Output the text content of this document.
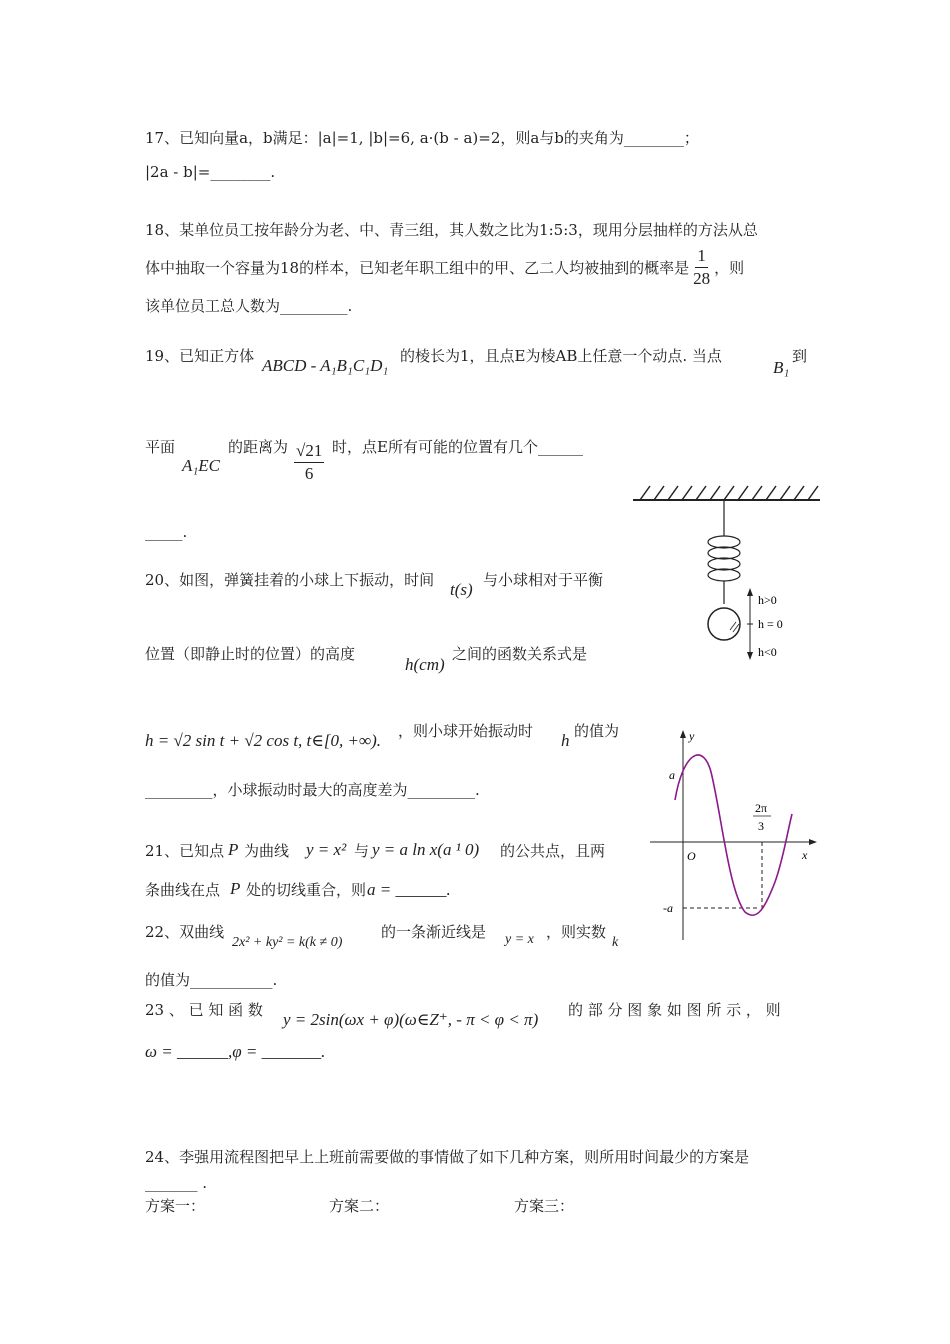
17、已知向量a，b满足：|a|=1, |b|=6, a·(b - a)=2，则a与b的夹角为________；
|2a - b|=________.
18、某单位员工按年龄分为老、中、青三组，其人数之比为1:5:3，现用分层抽样的方法从总
体中抽取一个容量为18的样本，已知老年职工组中的甲、乙二人均被抽到的概率是 $\frac{1}{28}$ ，则
该单位员工总人数为_________.
19、已知正方体 ABCD - A₁B₁C₁D₁ 的棱长为1，且点E为棱AB上任意一个动点. 当点
B₁
到
平面
A₁EC
的距离为 $\frac{√21}{6}$ 时，点E所有可能的位置有几个______
_____.
20、如图，弹簧挂着的小球上下振动，时间 t(s) 与小球相对于平衡
位置（即静止时的位置）的高度
h(cm)
之间的函数关系式是
h = √2 sin t + √2 cos t, t∈[0, +∞). ，则小球开始振动时 h 的值为
_________，小球振动时最大的高度差为_________.
21、已知点 P 为曲线 y = x² 与 y = a ln x(a ¹ 0) 的公共点，且两
条曲线在点 P 处的切线重合，则 a = ______.
22、双曲线
2x² + ky² = k(k ≠ 0)
的一条渐近线是 y = x ，则实数
k
的值为___________.
23 、 已 知 函 数 y = 2sin(ωx + φ)(ω∈Z⁺, - π < φ < π) 的 部 分 图 象 如 图 所 示 ， 则
ω = ______,φ = _______.
24、李强用流程图把早上上班前需要做的事情做了如下几种方案，则所用时间最少的方案是
_______ .
方案一：	方案二：	方案三：
h>0
h = 0
h<0
y
x
O
a
-a
2π
3
